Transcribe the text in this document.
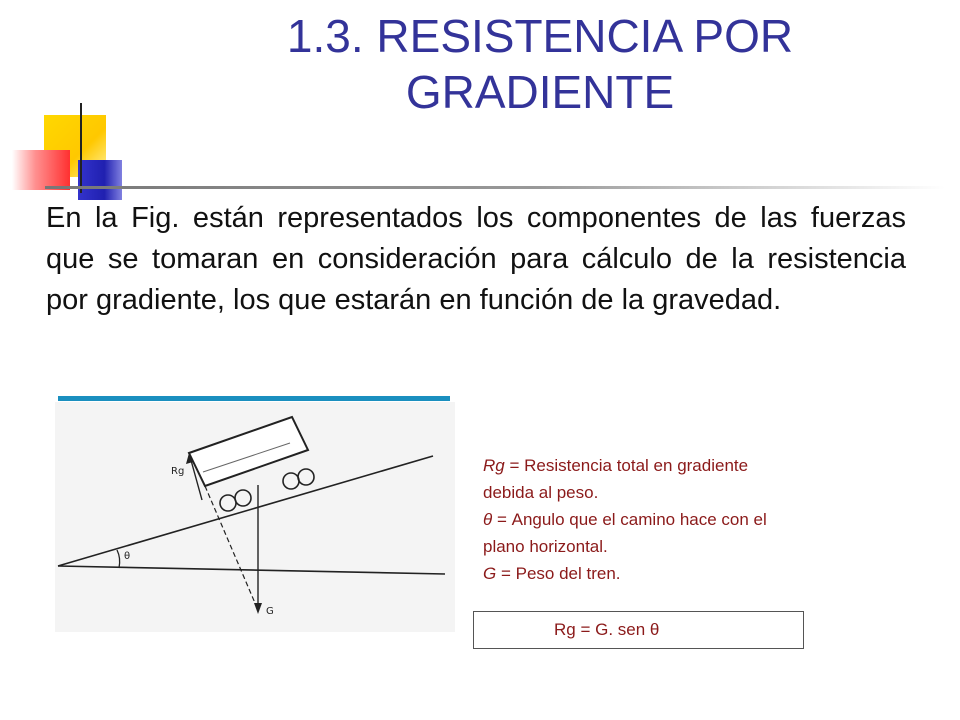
1.3. RESISTENCIA POR GRADIENTE
En la Fig. están representados los componentes de las fuerzas que se tomaran en consideración para cálculo de la resistencia por gradiente, los que estarán en función de la gravedad.
θ
G
Rg	Rg = Resistencia total en gradiente
debida al peso.
θ = Angulo que el camino hace con el
plano horizontal.
G = Peso del tren.
Rg = G. sen θ
